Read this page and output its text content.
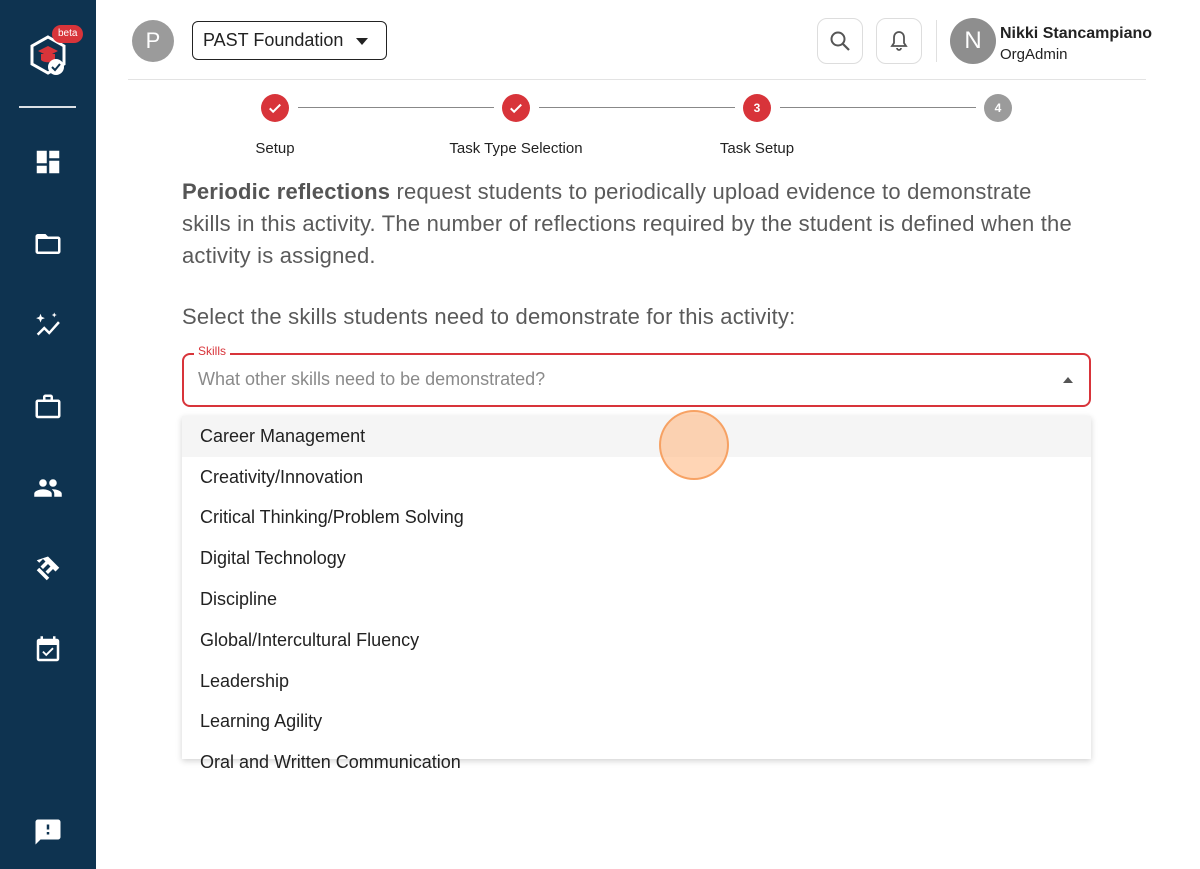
beta	P	PAST Foundation	N	Nikki Stancampiano
OrgAdmin
3	4
Setup	Task Type Selection	Task Setup
Periodic reflections request students to periodically upload evidence to demonstrate skills in this activity. The number of reflections required by the student is defined when the activity is assigned.
Select the skills students need to demonstrate for this activity:
What other skills need to be demonstrated?
Skills
Career Management
Creativity/Innovation
Critical Thinking/Problem Solving
Digital Technology
Discipline
Global/Intercultural Fluency
Leadership
Learning Agility
Oral and Written Communication
